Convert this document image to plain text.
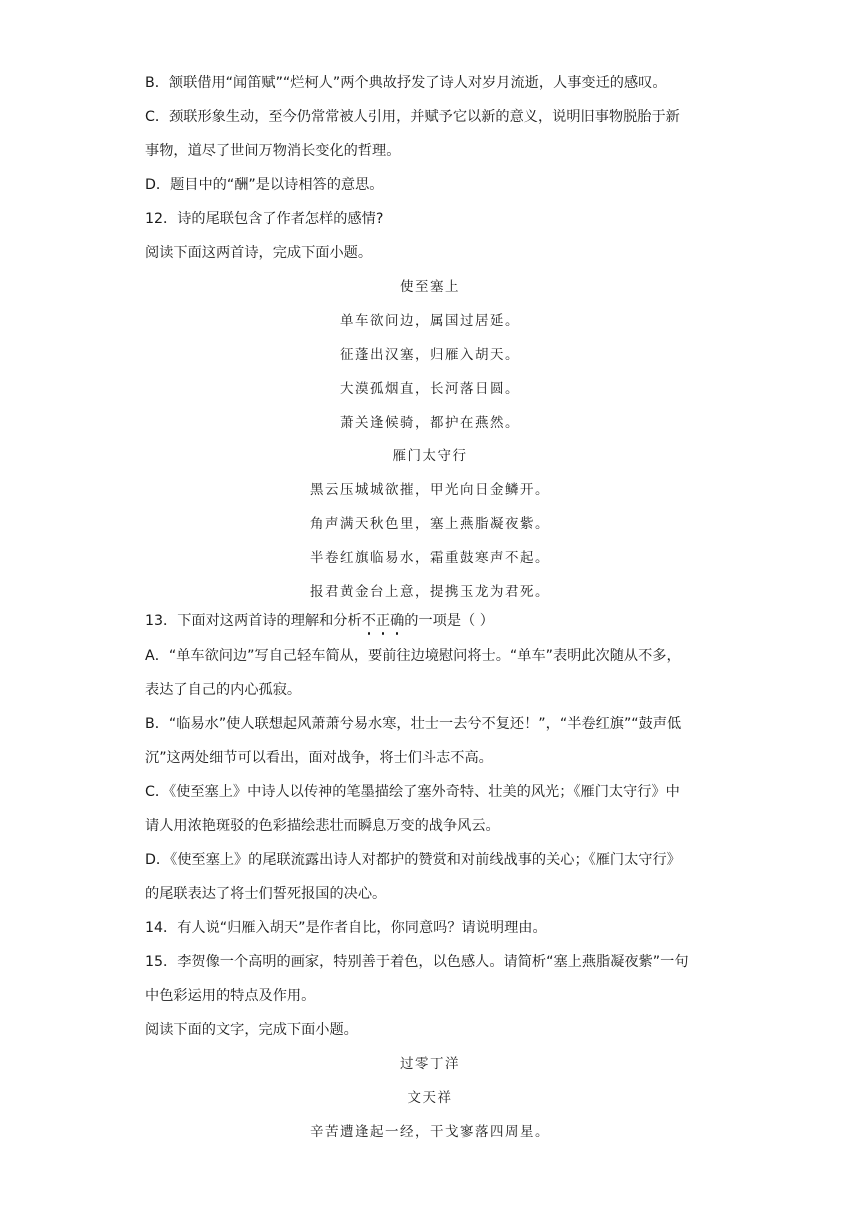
B．颔联借用“闻笛赋”“烂柯人”两个典故抒发了诗人对岁月流逝，人事变迁的感叹。
C．颈联形象生动，至今仍常常被人引用，并赋予它以新的意义，说明旧事物脱胎于新
事物，道尽了世间万物消长变化的哲理。
D．题目中的“酬”是以诗相答的意思。
12．诗的尾联包含了作者怎样的感情?
阅读下面这两首诗，完成下面小题。
使至塞上
单车欲问边，属国过居延。
征蓬出汉塞，归雁入胡天。
大漠孤烟直，长河落日圆。
萧关逢候骑，都护在燕然。
雁门太守行
黑云压城城欲摧，甲光向日金鳞开。
角声满天秋色里，塞上燕脂凝夜紫。
半卷红旗临易水，霜重鼓寒声不起。
报君黄金台上意，提携玉龙为君死。
13．下面对这两首诗的理解和分析不正确
的一项是（ ）
A．“单车欲问边”写自己轻车简从，要前往边境慰问将士。“单车”表明此次随从不多，
表达了自己的内心孤寂。
B．“临易水”使人联想起风萧萧兮易水寒，壮士一去兮不复还！”，“半卷红旗”“鼓声低
沉”这两处细节可以看出，面对战争，将士们斗志不高。
C．《使至塞上》中诗人以传神的笔墨描绘了塞外奇特、壮美的风光；《雁门太守行》中
请人用浓艳斑驳的色彩描绘悲壮而瞬息万变的战争风云。
D．《使至塞上》的尾联流露出诗人对都护的赞赏和对前线战事的关心；《雁门太守行》
的尾联表达了将士们誓死报国的决心。
14．有人说“归雁入胡天”是作者自比，你同意吗？请说明理由。
15．李贺像一个高明的画家，特别善于着色，以色感人。请简析“塞上燕脂凝夜紫”一句
中色彩运用的特点及作用。
阅读下面的文字，完成下面小题。
过零丁洋
文天祥
辛苦遭逢起一经，干戈寥落四周星。
